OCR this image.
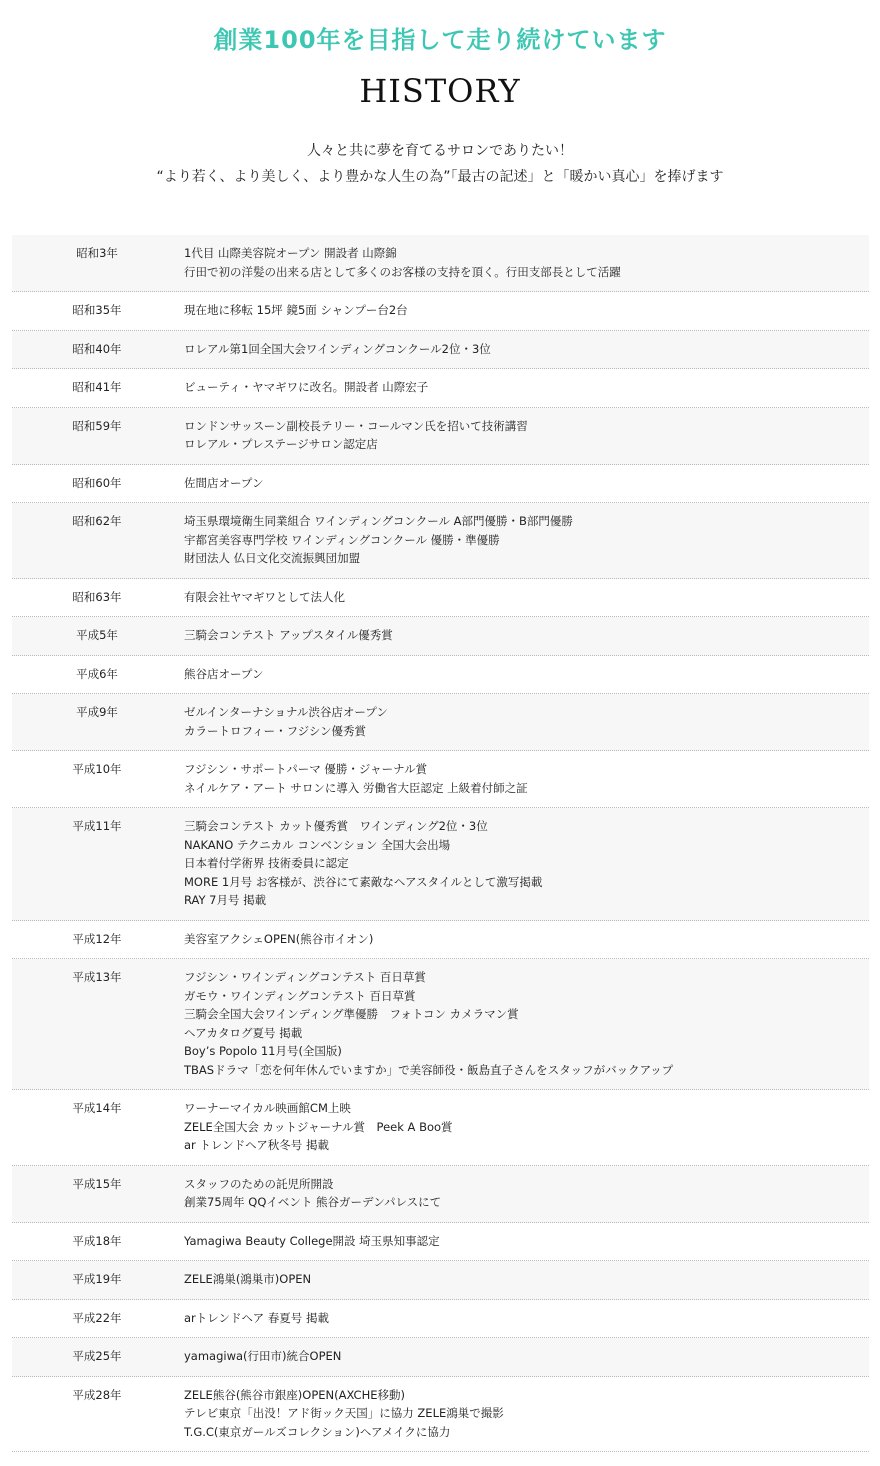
創業100年を目指して走り続けています
HISTORY
人々と共に夢を育てるサロンでありたい！
“より若く、より美しく、より豊かな人生の為”「最古の記述」と「暖かい真心」を捧げます
昭和3年	1代目 山際美容院オープン 開設者 山際錦
行田で初の洋髪の出来る店として多くのお客様の支持を頂く。行田支部長として活躍
昭和35年	現在地に移転 15坪 鏡5面 シャンプー台2台
昭和40年	ロレアル第1回全国大会ワインディングコンクール2位・3位
昭和41年	ビューティ・ヤマギワに改名。開設者 山際宏子
昭和59年	ロンドンサッスーン副校長テリー・コールマン氏を招いて技術講習
ロレアル・プレステージサロン認定店
昭和60年	佐間店オープン
昭和62年	埼玉県環境衛生同業組合 ワインディングコンクール A部門優勝・B部門優勝
宇都宮美容専門学校 ワインディングコンクール 優勝・準優勝
財団法人 仏日文化交流振興団加盟
昭和63年	有限会社ヤマギワとして法人化
平成5年	三騎会コンテスト アップスタイル優秀賞
平成6年	熊谷店オープン
平成9年	ゼルインターナショナル渋谷店オープン
カラートロフィー・フジシン優秀賞
平成10年	フジシン・サポートパーマ 優勝・ジャーナル賞
ネイルケア・アート サロンに導入 労働省大臣認定 上級着付師之証
平成11年	三騎会コンテスト カット優秀賞　ワインディング2位・3位
NAKANO テクニカル コンベンション 全国大会出場
日本着付学術界 技術委員に認定
MORE 1月号 お客様が、渋谷にて素敵なヘアスタイルとして激写掲載
RAY 7月号 掲載
平成12年	美容室アクシェOPEN(熊谷市イオン)
平成13年	フジシン・ワインディングコンテスト 百日草賞
ガモウ・ワインディングコンテスト 百日草賞
三騎会全国大会ワインディング準優勝　フォトコン カメラマン賞
ヘアカタログ夏号 掲載
Boy’s Popolo 11月号(全国版)
TBASドラマ「恋を何年休んでいますか」で美容師役・飯島直子さんをスタッフがバックアップ
平成14年	ワーナーマイカル映画館CM上映
ZELE全国大会 カットジャーナル賞　Peek A Boo賞
ar トレンドヘア秋冬号 掲載
平成15年	スタッフのための託児所開設
創業75周年 QQイベント 熊谷ガーデンパレスにて
平成18年	Yamagiwa Beauty College開設 埼玉県知事認定
平成19年	ZELE鴻巣(鴻巣市)OPEN
平成22年	arトレンドヘア 春夏号 掲載
平成25年	yamagiwa(行田市)統合OPEN
平成28年	ZELE熊谷(熊谷市銀座)OPEN(AXCHE移動)
テレビ東京「出没！アド街ック天国」に協力 ZELE鴻巣で撮影
T.G.C(東京ガールズコレクション)ヘアメイクに協力
